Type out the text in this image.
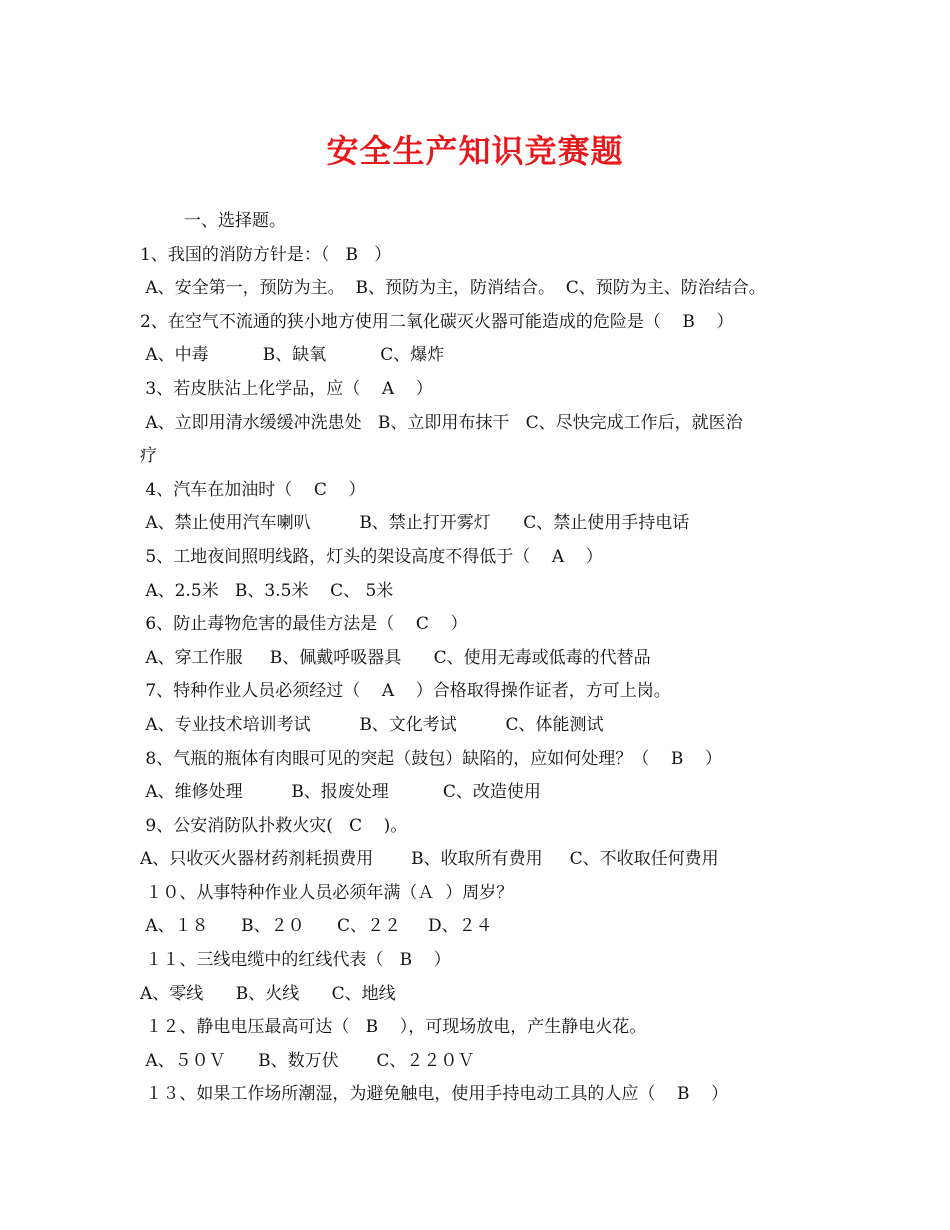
安全生产知识竞赛题
一、选择题。
1、我国的消防方针是：（   B   ）
A、安全第一，预防为主。  B、预防为主，防消结合。  C、预防为主、防治结合。
2、在空气不流通的狭小地方使用二氧化碳灭火器可能造成的危险是（    B    ）
A、中毒          B、缺氧          C、爆炸
3、若皮肤沾上化学品，应（    A    ）
A、立即用清水缓缓冲洗患处   B、立即用布抹干   C、尽快完成工作后，就医治
疗
4、汽车在加油时（    C    ）
A、禁止使用汽车喇叭         B、禁止打开雾灯      C、禁止使用手持电话
5、工地夜间照明线路，灯头的架设高度不得低于（    A    ）
A、2.5米   B、3.5米    C、 5米
6、防止毒物危害的最佳方法是（    C    ）
A、穿工作服     B、佩戴呼吸器具      C、使用无毒或低毒的代替品
7、特种作业人员必须经过（    A    ）合格取得操作证者，方可上岗。
A、专业技术培训考试         B、文化考试         C、体能测试
8、气瓶的瓶体有肉眼可见的突起（鼓包）缺陷的，应如何处理？（    B    ）
A、维修处理         B、报废处理          C、改造使用
9、公安消防队扑救火灾(   C    )。
A、只收灭火器材药剂耗损费用       B、收取所有费用     C、不收取任何费用
１０、从事特种作业人员必须年满（Ａ  ）周岁？
A、１８      B、２０      C、２２     D、２４
１１、三线电缆中的红线代表（   B    ）
A、零线      B、火线      C、地线
１２、静电电压最高可达（   B    ），可现场放电，产生静电火花。
A、５０Ｖ      B、数万伏       C、２２０Ｖ
１３、如果工作场所潮湿，为避免触电，使用手持电动工具的人应（    B    ）
